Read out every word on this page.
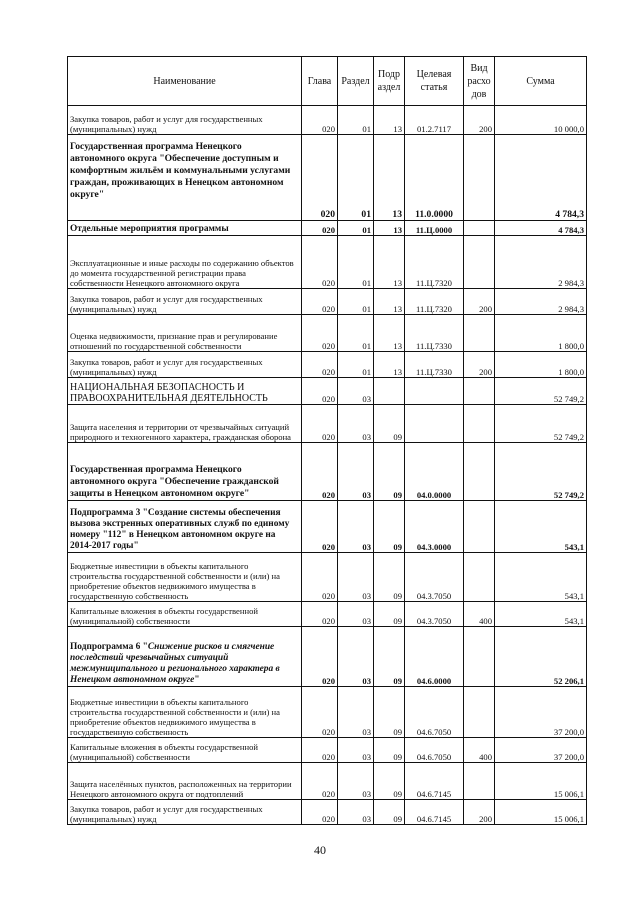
Наименование	Глава	Раздел	Подр аздел	Целевая статья	Вид расхо дов	Сумма
Закупка товаров, работ и услуг для государственных (муниципальных) нужд	020	01	13	01.2.7117	200	10 000,0
Государственная программа Ненецкого автономного округа "Обеспечение доступным и комфортным жильём и коммунальными услугами граждан, проживающих в Ненецком автономном округе"	020	01	13	11.0.0000		4 784,3
Отдельные мероприятия программы	020	01	13	11.Ц.0000		4 784,3
Эксплуатационные и иные расходы по содержанию объектов до момента государственной регистрации права собственности Ненецкого автономного округа	020	01	13	11.Ц.7320		2 984,3
Закупка товаров, работ и услуг для государственных (муниципальных) нужд	020	01	13	11.Ц.7320	200	2 984,3
Оценка недвижимости, признание прав и регулирование отношений по государственной собственности	020	01	13	11.Ц.7330		1 800,0
Закупка товаров, работ и услуг для государственных (муниципальных) нужд	020	01	13	11.Ц.7330	200	1 800,0
НАЦИОНАЛЬНАЯ БЕЗОПАСНОСТЬ И ПРАВООХРАНИТЕЛЬНАЯ ДЕЯТЕЛЬНОСТЬ	020	03				52 749,2
Защита населения и территории от чрезвычайных ситуаций природного и техногенного характера, гражданская оборона	020	03	09			52 749,2
Государственная программа Ненецкого автономного округа "Обеспечение гражданской защиты в Ненецком автономном округе"	020	03	09	04.0.0000		52 749,2
Подпрограмма 3 "Создание системы обеспечения вызова экстренных оперативных служб по единому номеру "112" в Ненецком автономном округе на 2014-2017 годы"	020	03	09	04.3.0000		543,1
Бюджетные инвестиции в объекты капитального строительства государственной собственности и (или) на приобретение объектов недвижимого имущества в государственную собственность	020	03	09	04.3.7050		543,1
Капитальные вложения в объекты государственной (муниципальной) собственности	020	03	09	04.3.7050	400	543,1
Подпрограмма 6 "Снижение рисков и смягчение последствий чрезвычайных ситуаций межмуниципального и регионального характера в Ненецком автономном округе"	020	03	09	04.6.0000		52 206,1
Бюджетные инвестиции в объекты капитального строительства государственной собственности и (или) на приобретение объектов недвижимого имущества в государственную собственность	020	03	09	04.6.7050		37 200,0
Капитальные вложения в объекты государственной (муниципальной) собственности	020	03	09	04.6.7050	400	37 200,0
Защита населённых пунктов, расположенных на территории Ненецкого автономного округа от подтоплений	020	03	09	04.6.7145		15 006,1
Закупка товаров, работ и услуг для государственных (муниципальных) нужд	020	03	09	04.6.7145	200	15 006,1
40
